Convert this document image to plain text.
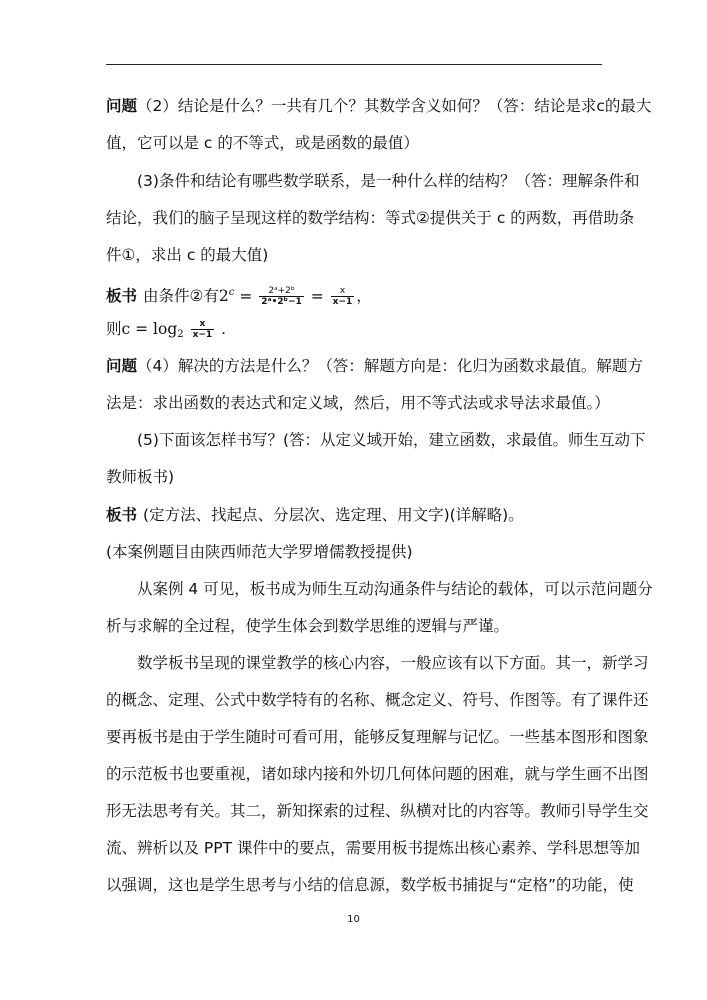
问题（2）结论是什么？一共有几个？其数学含义如何？（答：结论是求c的最大
值，它可以是 c 的不等式，或是函数的最值）
(3)条件和结论有哪些数学联系，是一种什么样的结构？（答：理解条件和
结论，我们的脑子呈现这样的数学结构：等式②提供关于 c 的两数，再借助条
件①，求出 c 的最大值)
板书 由条件②有$2^c = \frac{\text{2ᵃ+2ᵇ}}{\text{2ᵃ•2ᵇ−1}} = \frac{x}{x-1}$ ，
则$c = \log_2 \frac{x}{x-1}$ .
问题（4）解决的方法是什么？（答：解题方向是：化归为函数求最值。解题方
法是：求出函数的表达式和定义域，然后，用不等式法或求导法求最值。）
(5)下面该怎样书写？(答：从定义域开始，建立函数，求最值。师生互动下
教师板书)
板书 (定方法、找起点、分层次、选定理、用文字)(详解略)。
(本案例题目由陕西师范大学罗增儒教授提供)
从案例 4 可见，板书成为师生互动沟通条件与结论的载体，可以示范问题分
析与求解的全过程，使学生体会到数学思维的逻辑与严谨。
数学板书呈现的课堂教学的核心内容，一般应该有以下方面。其一，新学习
的概念、定理、公式中数学特有的名称、概念定义、符号、作图等。有了课件还
要再板书是由于学生随时可看可用，能够反复理解与记忆。一些基本图形和图象
的示范板书也要重视，诸如球内接和外切几何体问题的困难，就与学生画不出图
形无法思考有关。其二，新知探索的过程、纵横对比的内容等。教师引导学生交
流、辨析以及 PPT 课件中的要点，需要用板书提炼出核心素养、学科思想等加
以强调，这也是学生思考与小结的信息源，数学板书捕捉与“定格”的功能，使
10
